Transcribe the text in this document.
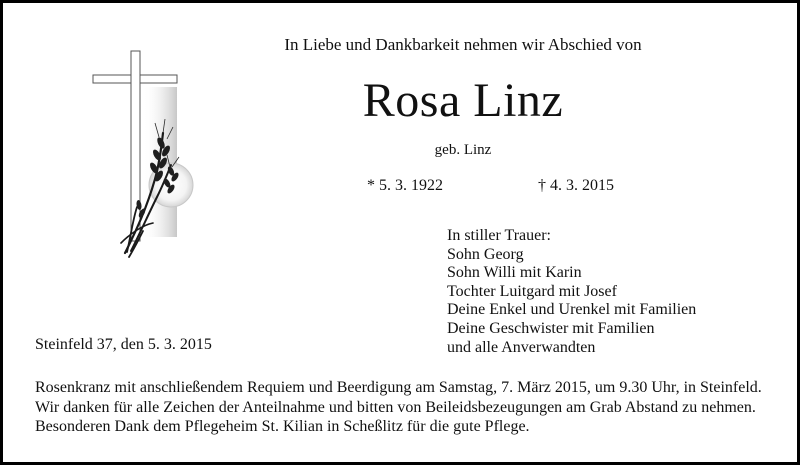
In Liebe und Dankbarkeit nehmen wir Abschied von
Rosa Linz
geb. Linz
* 5. 3. 1922	† 4. 3. 2015
In stiller Trauer:
Sohn Georg
Sohn Willi mit Karin
Tochter Luitgard mit Josef
Deine Enkel und Urenkel mit Familien
Deine Geschwister mit Familien
und alle Anverwandten
Steinfeld 37, den 5. 3. 2015
Rosenkranz mit anschließendem Requiem und Beerdigung am Samstag, 7. März 2015, um 9.30 Uhr, in Steinfeld.
Wir danken für alle Zeichen der Anteilnahme und bitten von Beileidsbezeugungen am Grab Abstand zu nehmen.
Besonderen Dank dem Pflegeheim St. Kilian in Scheßlitz für die gute Pflege.
